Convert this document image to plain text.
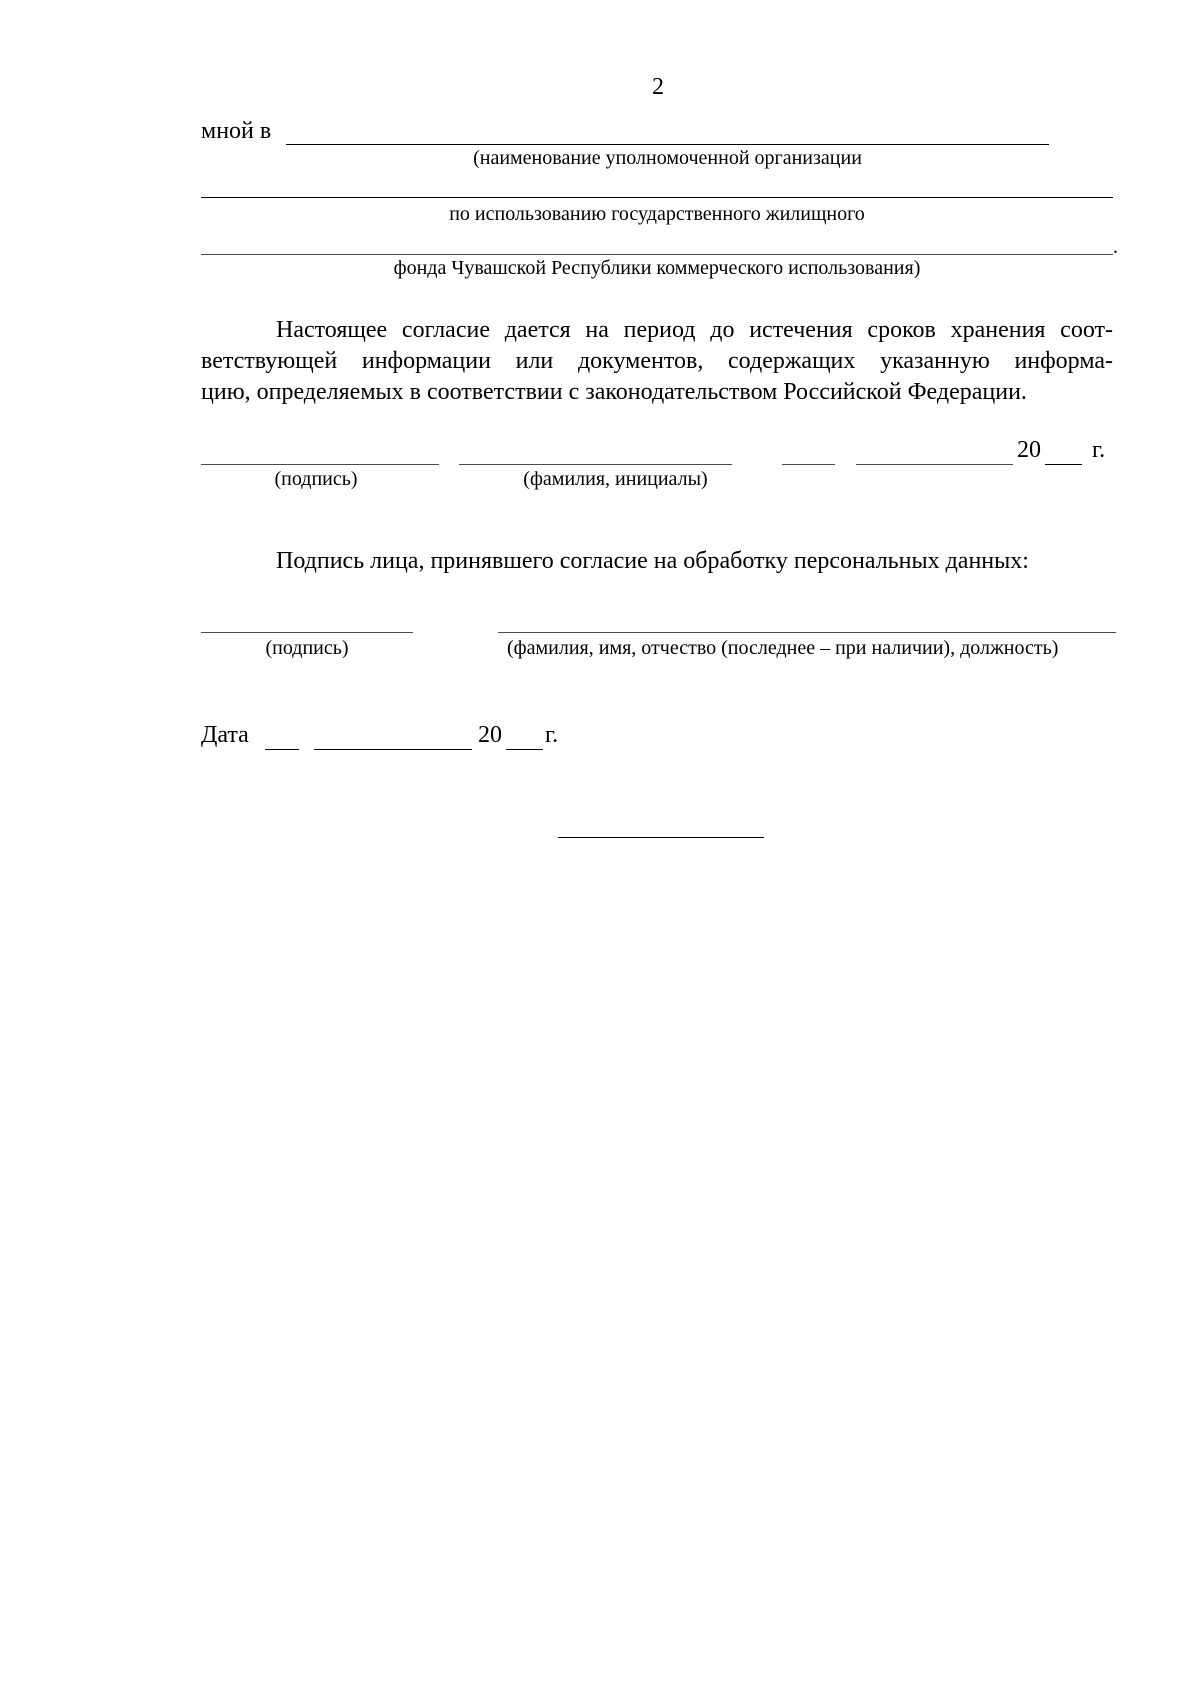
2
мной в
(наименование уполномоченной организации
по использованию государственного жилищного
.
фонда Чувашской Республики коммерческого использования)
Настоящее согласие дается на период до истечения сроков хранения соот-
ветствующей информации или документов, содержащих указанную информа-
цию, определяемых в соответствии с законодательством Российской Федерации.
20 г.
(подпись)	(фамилия, инициалы)
Подпись лица, принявшего согласие на обработку персональных данных:
(подпись)	(фамилия, имя, отчество (последнее – при наличии), должность)
Дата	20 г.
